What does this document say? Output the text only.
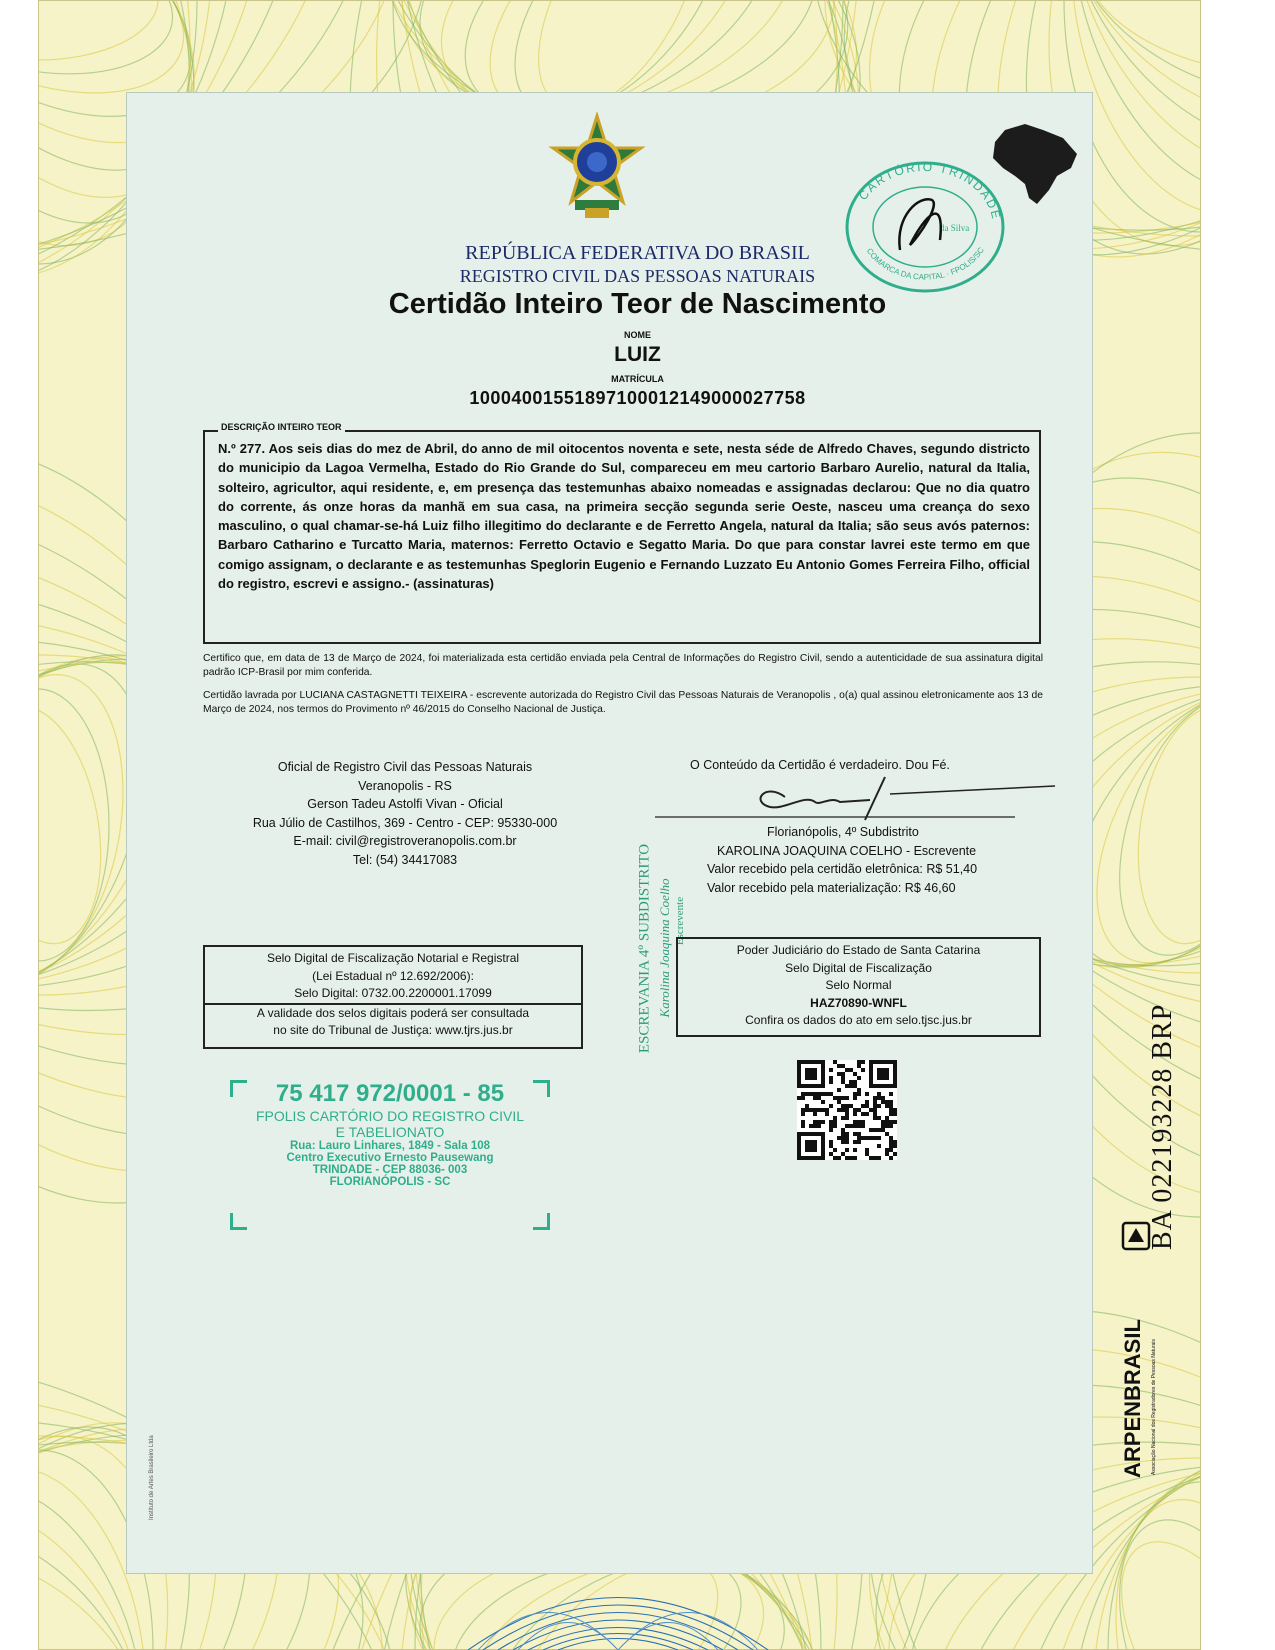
REPÚBLICA FEDERATIVA DO BRASIL
REGISTRO CIVIL DAS PESSOAS NATURAIS
Certidão Inteiro Teor de Nascimento
NOME
LUIZ
MATRÍCULA
10004001551897100012149000027758
DESCRIÇÃO INTEIRO TEOR
N.º 277. Aos seis dias do mez de Abril, do anno de mil oitocentos noventa e sete, nesta séde de Alfredo Chaves, segundo districto do municipio da Lagoa Vermelha, Estado do Rio Grande do Sul, compareceu em meu cartorio Barbaro Aurelio, natural da Italia, solteiro, agricultor, aqui residente, e, em presença das testemunhas abaixo nomeadas e assignadas declarou: Que no dia quatro do corrente, ás onze horas da manhã em sua casa, na primeira secção segunda serie Oeste, nasceu uma creança do sexo masculino, o qual chamar-se-há Luiz filho illegitimo do declarante e de Ferretto Angela, natural da Italia; são seus avós paternos: Barbaro Catharino e Turcatto Maria, maternos: Ferretto Octavio e Segatto Maria. Do que para constar lavrei este termo em que comigo assignam, o declarante e as testemunhas Speglorin Eugenio e Fernando Luzzato Eu Antonio Gomes Ferreira Filho, official do registro, escrevi e assigno.- (assinaturas)
Certifico que, em data de 13 de Março de 2024, foi materializada esta certidão enviada pela Central de Informações do Registro Civil, sendo a autenticidade de sua assinatura digital padrão ICP-Brasil por mim conferida.
Certidão lavrada por LUCIANA CASTAGNETTI TEIXEIRA - escrevente autorizada do Registro Civil das Pessoas Naturais de Veranopolis , o(a) qual assinou eletronicamente aos 13 de Março de 2024, nos termos do Provimento nº 46/2015 do Conselho Nacional de Justiça.
Oficial de Registro Civil das Pessoas Naturais
Veranopolis - RS
Gerson Tadeu Astolfi Vivan - Oficial
Rua Júlio de Castilhos, 369 - Centro - CEP: 95330-000
E-mail: civil@registroveranopolis.com.br
Tel: (54) 34417083
O Conteúdo da Certidão é verdadeiro. Dou Fé.
Florianópolis, 4º Subdistrito
KAROLINA JOAQUINA COELHO - Escrevente
Valor recebido pela certidão eletrônica: R$ 51,40
Valor recebido pela materialização: R$ 46,60
ESCREVANIA 4º SUBDISTRITO Karolina Joaquina Coelho Escrevente
Selo Digital de Fiscalização Notarial e Registral
(Lei Estadual nº 12.692/2006):
Selo Digital: 0732.00.2200001.17099
A validade dos selos digitais poderá ser consultada
no site do Tribunal de Justiça: www.tjrs.jus.br
Poder Judiciário do Estado de Santa Catarina
Selo Digital de Fiscalização
Selo Normal
HAZ70890-WNFL
Confira os dados do ato em selo.tjsc.jus.br
CARTÓRIO TRINDADE
COMARCA DA CAPITAL · FPOLIS/SC
da Silva
75 417 972/0001 - 85
FPOLIS CARTÓRIO DO REGISTRO CIVIL
E TABELIONATO
Rua: Lauro Linhares, 1849 - Sala 108
Centro Executivo Ernesto Pausewang
TRINDADE - CEP 88036- 003
FLORIANÓPOLIS - SC	BA 022193228 BRP
ARPENBRASIL	Associação Nacional dos Registradores de Pessoas Naturais
Instituto de Artes Brasileiro Ltda
